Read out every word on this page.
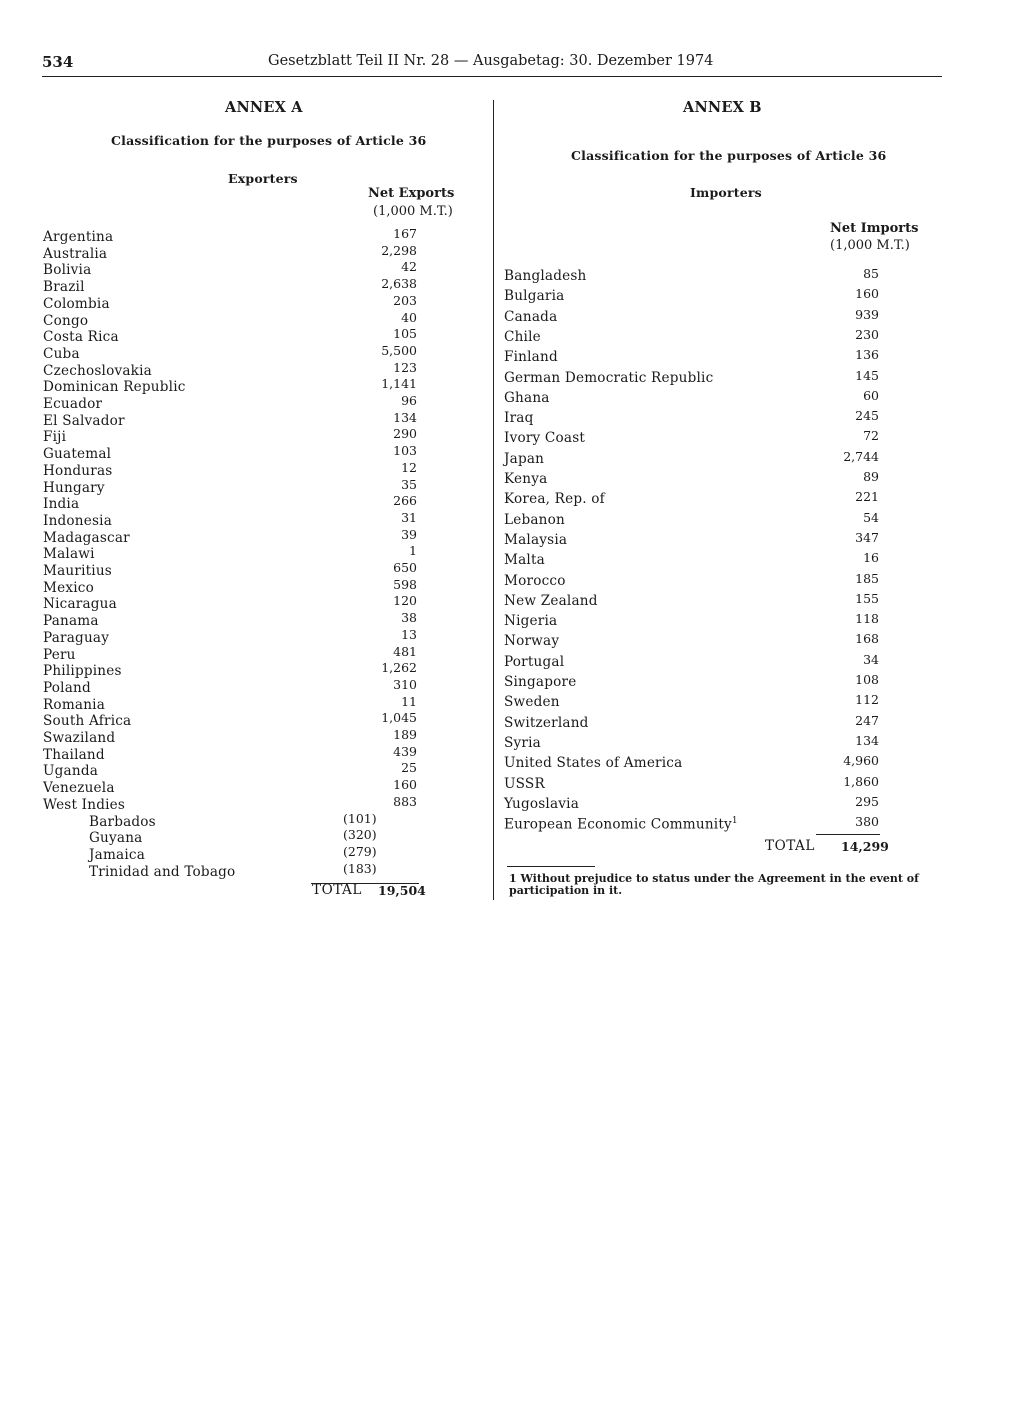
534	Gesetzblatt Teil II Nr. 28 — Ausgabetag: 30. Dezember 1974
ANNEX A
Classification for the purposes of Article 36
Exporters
Net Exports
(1,000 M.T.)
Argentina	167
Australia	2,298
Bolivia	42
Brazil	2,638
Colombia	203
Congo	40
Costa Rica	105
Cuba	5,500
Czechoslovakia	123
Dominican Republic	1,141
Ecuador	96
El Salvador	134
Fiji	290
Guatemal	103
Honduras	12
Hungary	35
India	266
Indonesia	31
Madagascar	39
Malawi	1
Mauritius	650
Mexico	598
Nicaragua	120
Panama	38
Paraguay	13
Peru	481
Philippines	1,262
Poland	310
Romania	11
South Africa	1,045
Swaziland	189
Thailand	439
Uganda	25
Venezuela	160
West Indies	883
Barbados	(101)
Guyana	(320)
Jamaica	(279)
Trinidad and Tobago	(183)
TOTAL 19,504
ANNEX B
Classification for the purposes of Article 36
Importers
Net Imports
(1,000 M.T.)
Bangladesh	85
Bulgaria	160
Canada	939
Chile	230
Finland	136
German Democratic Republic	145
Ghana	60
Iraq	245
Ivory Coast	72
Japan	2,744
Kenya	89
Korea, Rep. of	221
Lebanon	54
Malaysia	347
Malta	16
Morocco	185
New Zealand	155
Nigeria	118
Norway	168
Portugal	34
Singapore	108
Sweden	112
Switzerland	247
Syria	134
United States of America	4,960
USSR	1,860
Yugoslavia	295
European Economic Community$^1$	380
TOTAL 14,299
1 Without prejudice to status under the Agreement in the event of participation in it.
